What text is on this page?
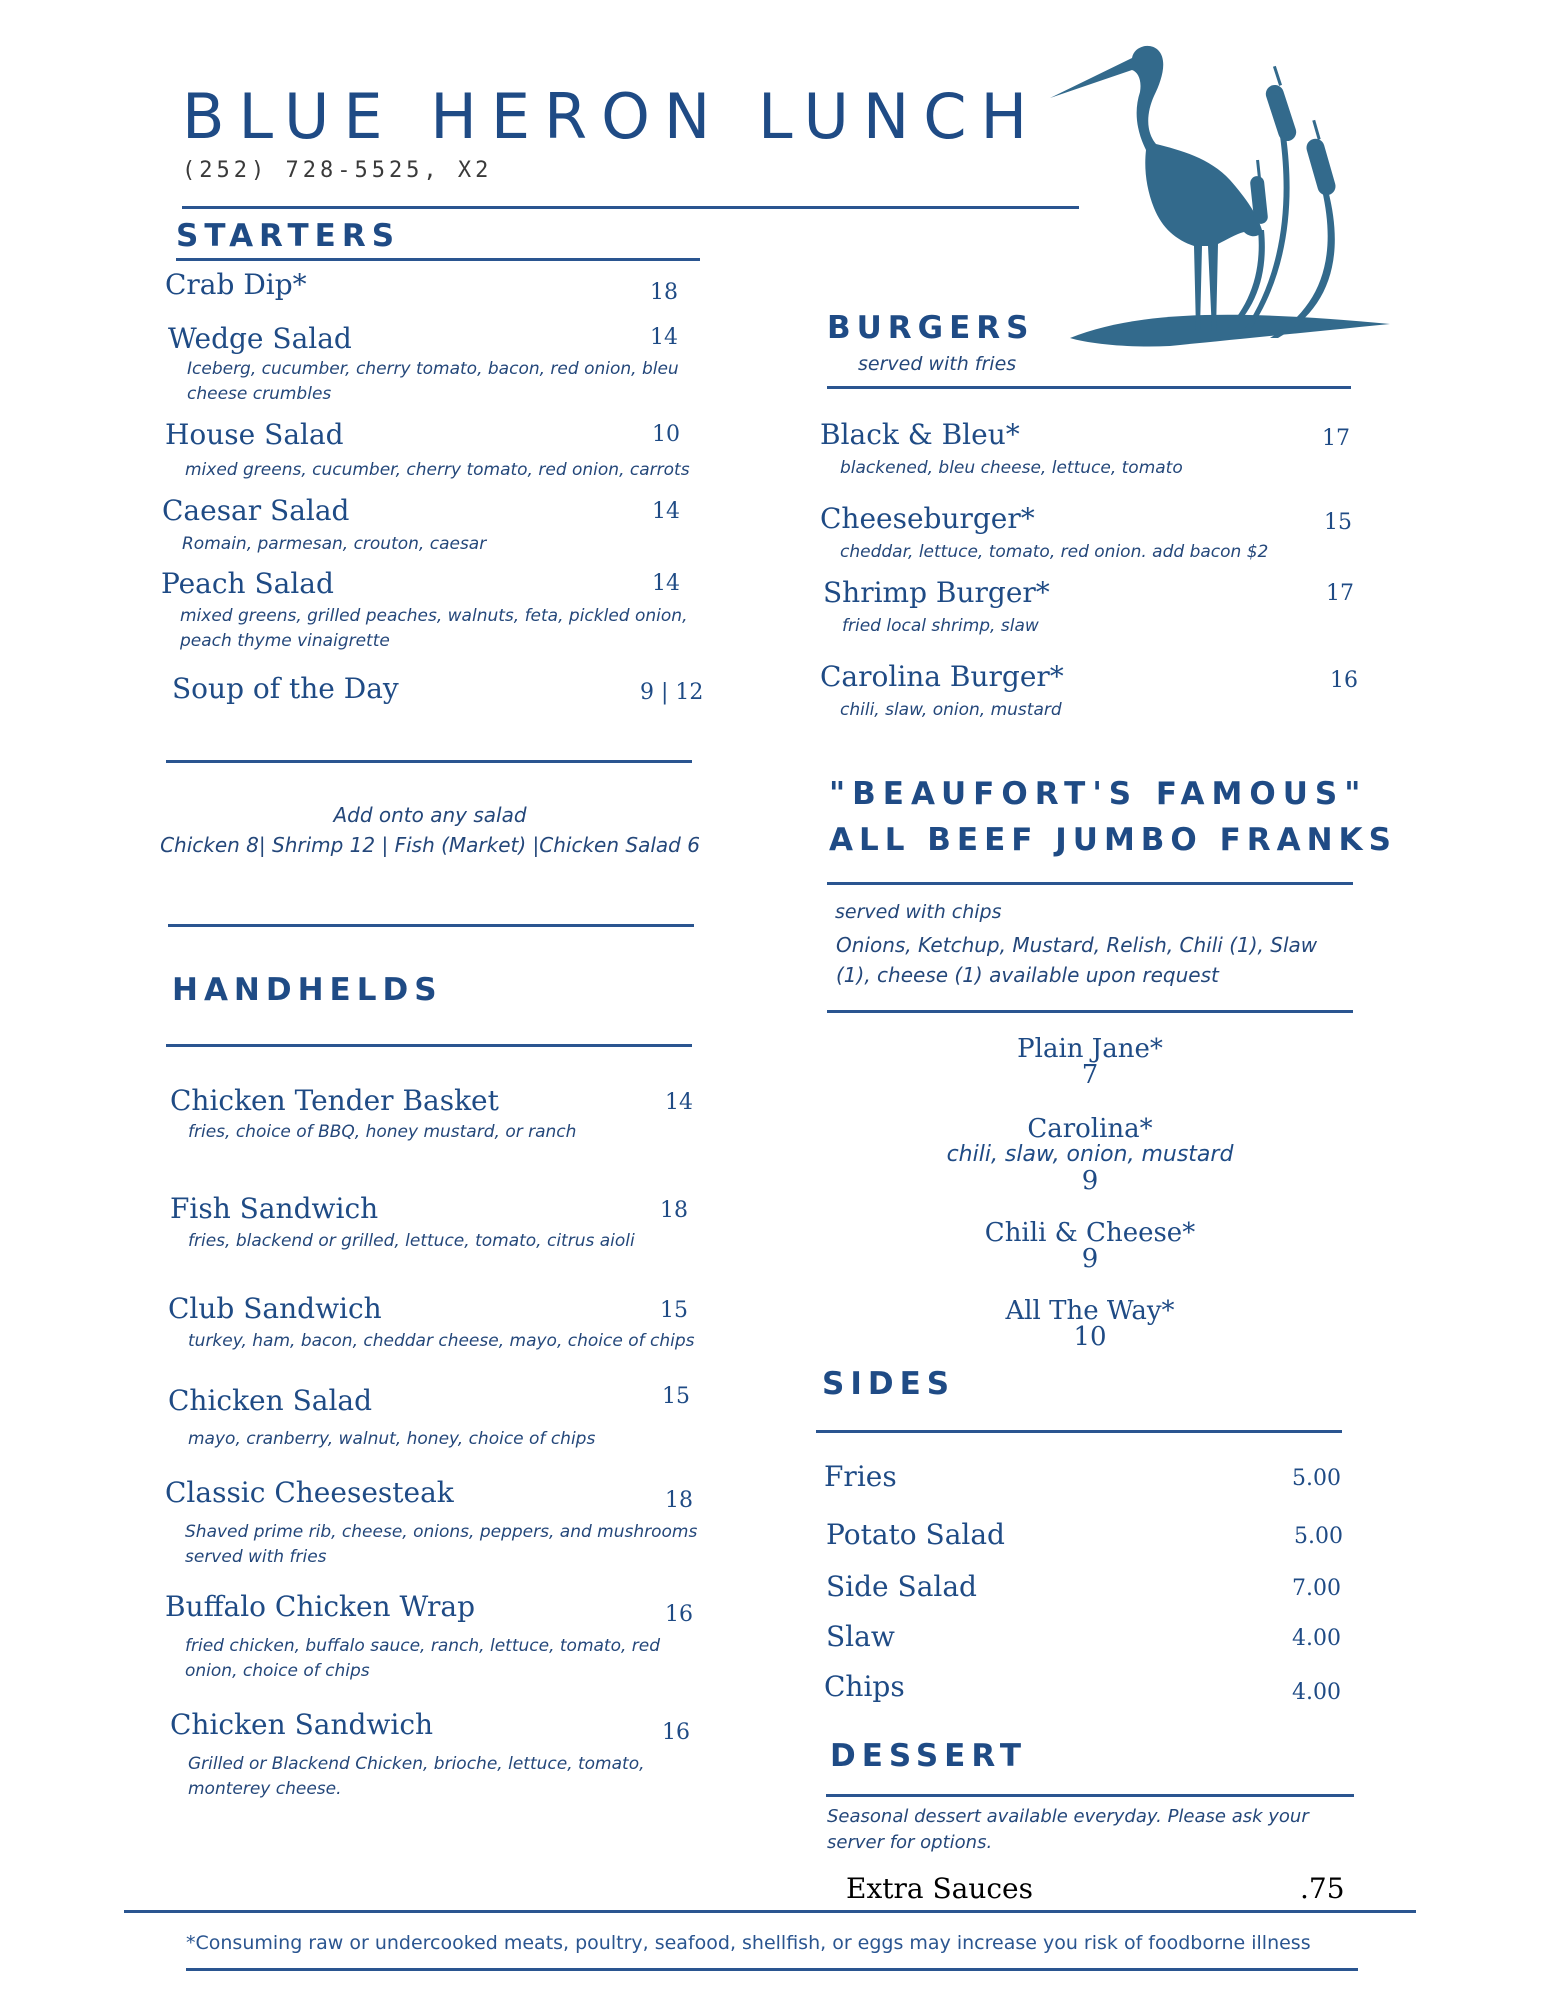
BLUE HERON LUNCH
(252) 728-5525, X2
STARTERS
Crab Dip*	18
Wedge Salad	14
Iceberg, cucumber, cherry tomato, bacon, red onion, bleu cheese crumbles
House Salad	10
mixed greens, cucumber, cherry tomato, red onion, carrots
Caesar Salad	14
Romain, parmesan, crouton, caesar
Peach Salad	14
mixed greens, grilled peaches, walnuts, feta, pickled onion, peach thyme vinaigrette
Soup of the Day	9 | 12
Add onto any salad
Chicken 8| Shrimp 12 | Fish (Market) |Chicken Salad 6
HANDHELDS
Chicken Tender Basket	14
fries, choice of BBQ, honey mustard, or ranch
Fish Sandwich	18
fries, blackend or grilled, lettuce, tomato, citrus aioli
Club Sandwich	15
turkey, ham, bacon, cheddar cheese, mayo, choice of chips
Chicken Salad	15
mayo, cranberry, walnut, honey, choice of chips
Classic Cheesesteak	18
Shaved prime rib, cheese, onions, peppers, and mushrooms served with fries
Buffalo Chicken Wrap	16
fried chicken, buffalo sauce, ranch, lettuce, tomato, red onion, choice of chips
Chicken Sandwich	16
Grilled or Blackend Chicken, brioche, lettuce, tomato, monterey cheese.
BURGERS
served with fries
Black & Bleu*	17
blackened, bleu cheese, lettuce, tomato
Cheeseburger*	15
cheddar, lettuce, tomato, red onion. add bacon $2
Shrimp Burger*	17
fried local shrimp, slaw
Carolina Burger*	16
chili, slaw, onion, mustard
"BEAUFORT'S FAMOUS"
ALL BEEF JUMBO FRANKS
served with chips
Onions, Ketchup, Mustard, Relish, Chili (1), Slaw (1), cheese (1) available upon request
Plain Jane*
7
Carolina*
chili, slaw, onion, mustard
9
Chili & Cheese*
9
All The Way*
10
SIDES
Fries	5.00
Potato Salad	5.00
Side Salad	7.00
Slaw	4.00
Chips	4.00
DESSERT
Seasonal dessert available everyday. Please ask your server for options.
Extra Sauces	.75
*Consuming raw or undercooked meats, poultry, seafood, shellfish, or eggs may increase you risk of foodborne illness
